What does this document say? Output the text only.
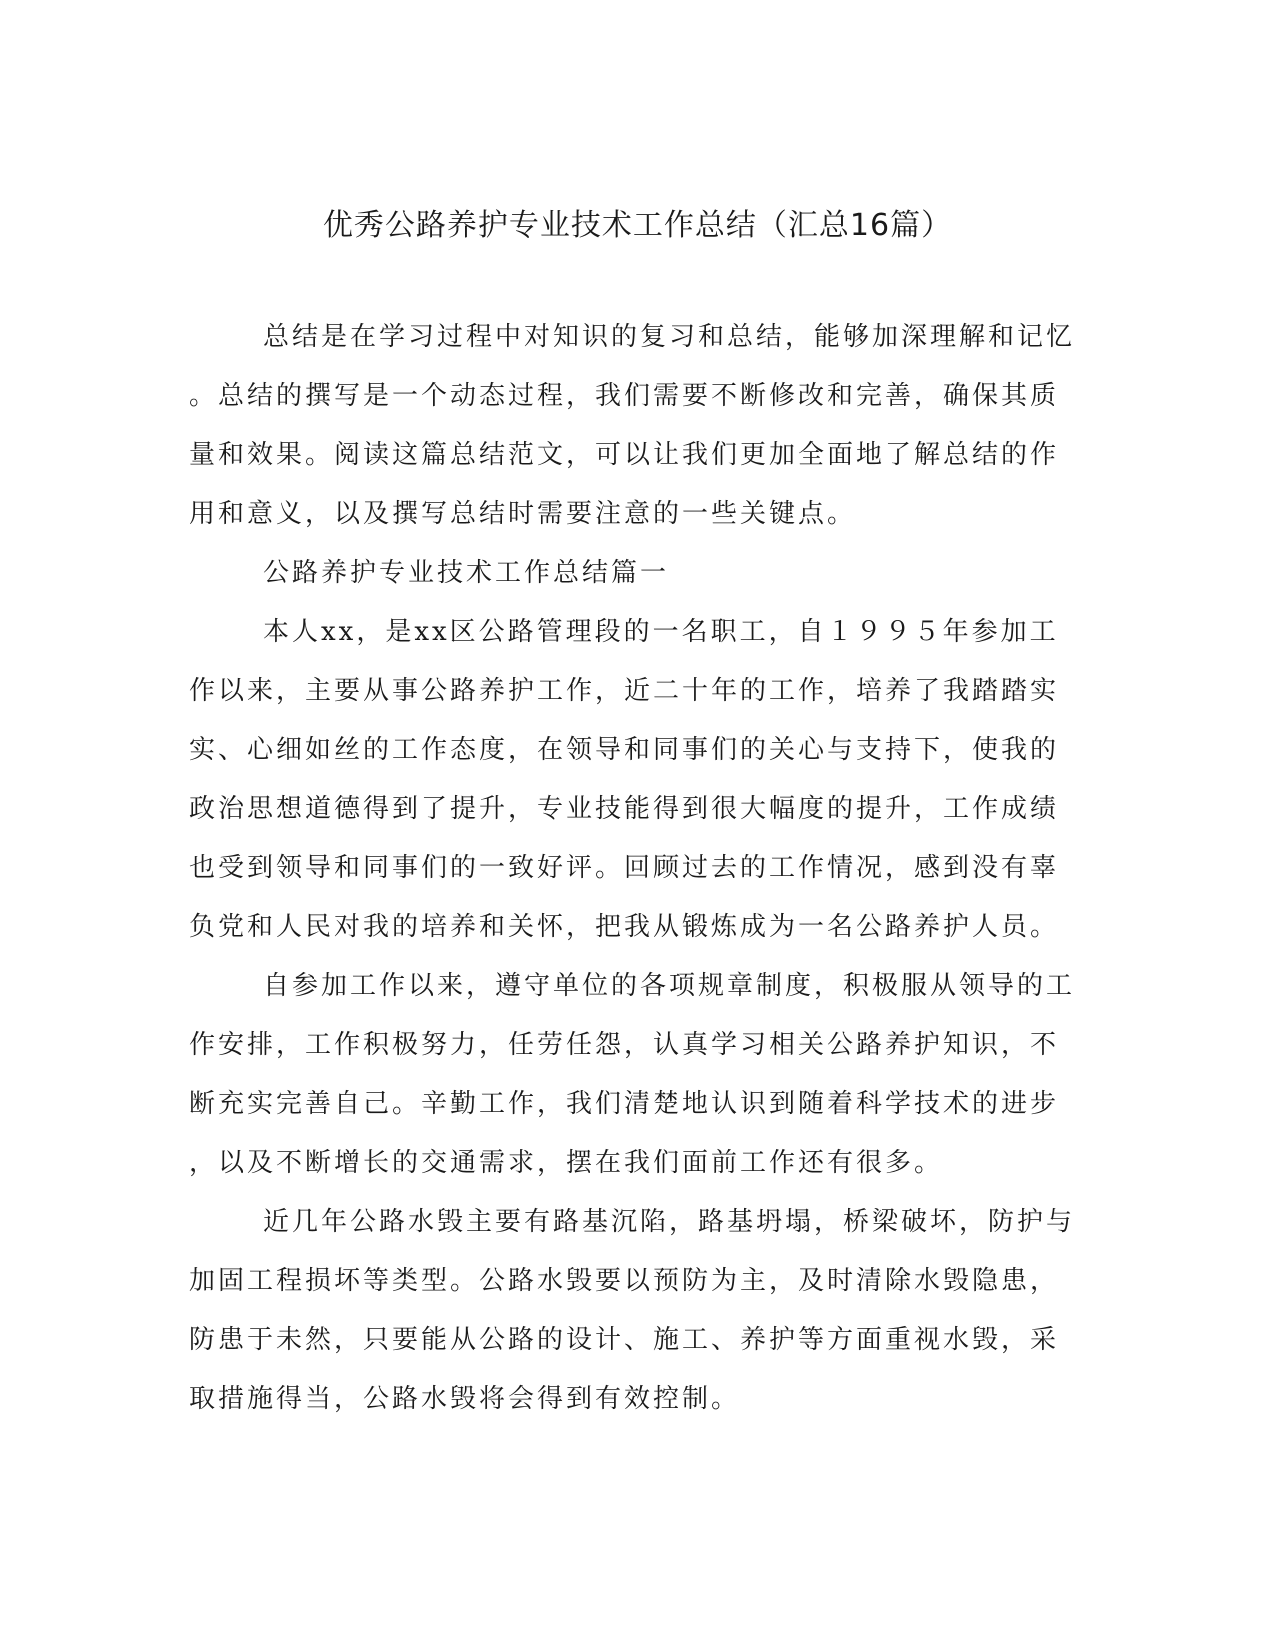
优秀公路养护专业技术工作总结（汇总16篇）
总结是在学习过程中对知识的复习和总结，能够加深理解和记忆
。总结的撰写是一个动态过程，我们需要不断修改和完善，确保其质
量和效果。阅读这篇总结范文，可以让我们更加全面地了解总结的作
用和意义，以及撰写总结时需要注意的一些关键点。
公路养护专业技术工作总结篇一
本人xx，是xx区公路管理段的一名职工，自１９９５年参加工
作以来，主要从事公路养护工作，近二十年的工作，培养了我踏踏实
实、心细如丝的工作态度，在领导和同事们的关心与支持下，使我的
政治思想道德得到了提升，专业技能得到很大幅度的提升，工作成绩
也受到领导和同事们的一致好评。回顾过去的工作情况，感到没有辜
负党和人民对我的培养和关怀，把我从锻炼成为一名公路养护人员。
自参加工作以来，遵守单位的各项规章制度，积极服从领导的工
作安排，工作积极努力，任劳任怨，认真学习相关公路养护知识，不
断充实完善自己。辛勤工作，我们清楚地认识到随着科学技术的进步
，以及不断增长的交通需求，摆在我们面前工作还有很多。
近几年公路水毁主要有路基沉陷，路基坍塌，桥梁破坏，防护与
加固工程损坏等类型。公路水毁要以预防为主，及时清除水毁隐患，
防患于未然，只要能从公路的设计、施工、养护等方面重视水毁，采
取措施得当，公路水毁将会得到有效控制。
